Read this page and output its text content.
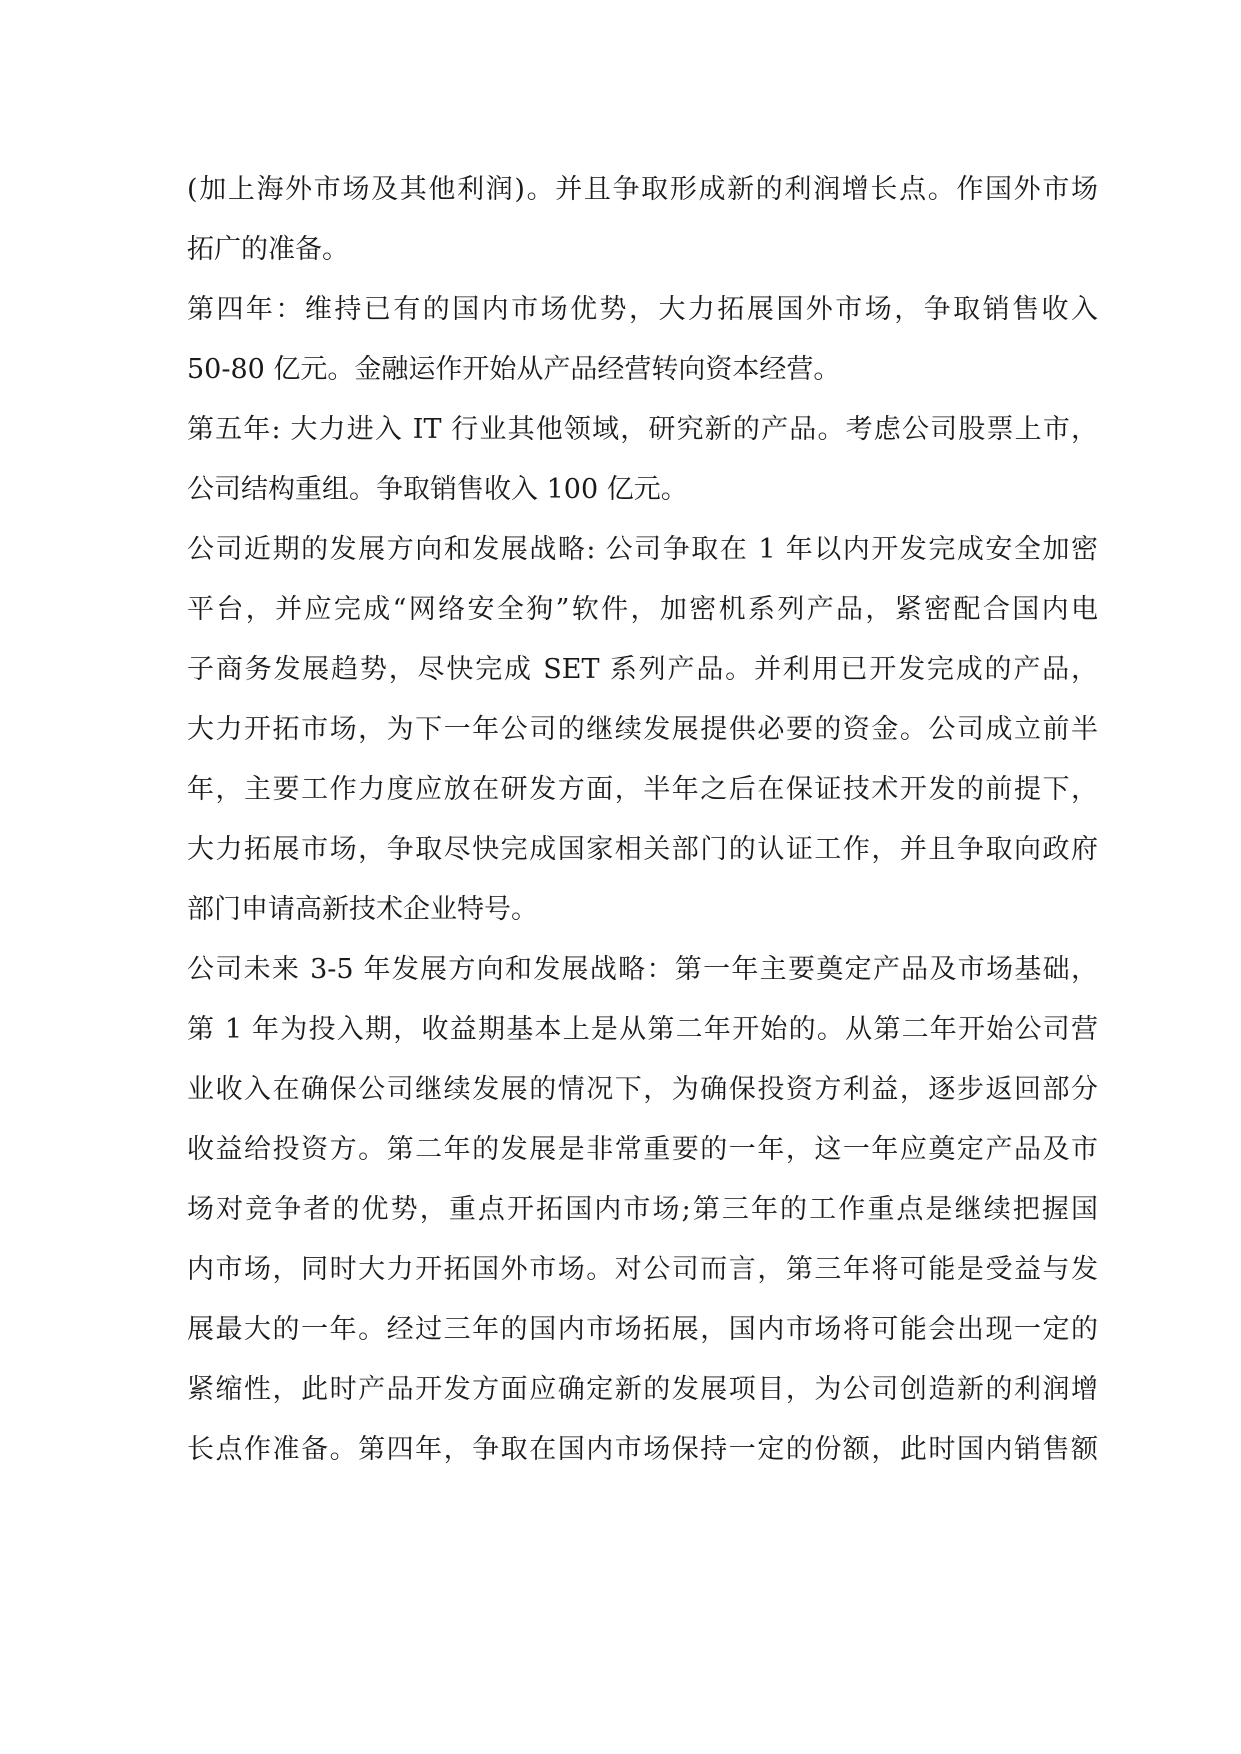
(加上海外市场及其他利润)。并且争取形成新的利润增长点。作国外市场
拓广的准备。
第四年：维持已有的国内市场优势，大力拓展国外市场，争取销售收入
50-80 亿元。金融运作开始从产品经营转向资本经营。
第五年: 大力进入 IT 行业其他领域，研究新的产品。考虑公司股票上市，
公司结构重组。争取销售收入 100 亿元。
公司近期的发展方向和发展战略: 公司争取在 1 年以内开发完成安全加密
平台，并应完成“网络安全狗”软件，加密机系列产品，紧密配合国内电
子商务发展趋势，尽快完成 SET 系列产品。并利用已开发完成的产品，
大力开拓市场，为下一年公司的继续发展提供必要的资金。公司成立前半
年，主要工作力度应放在研发方面，半年之后在保证技术开发的前提下，
大力拓展市场，争取尽快完成国家相关部门的认证工作，并且争取向政府
部门申请高新技术企业特号。
公司未来 3-5 年发展方向和发展战略：第一年主要奠定产品及市场基础，
第 1 年为投入期，收益期基本上是从第二年开始的。从第二年开始公司营
业收入在确保公司继续发展的情况下，为确保投资方利益，逐步返回部分
收益给投资方。第二年的发展是非常重要的一年，这一年应奠定产品及市
场对竞争者的优势，重点开拓国内市场;第三年的工作重点是继续把握国
内市场，同时大力开拓国外市场。对公司而言，第三年将可能是受益与发
展最大的一年。经过三年的国内市场拓展，国内市场将可能会出现一定的
紧缩性，此时产品开发方面应确定新的发展项目，为公司创造新的利润增
长点作准备。第四年，争取在国内市场保持一定的份额，此时国内销售额
